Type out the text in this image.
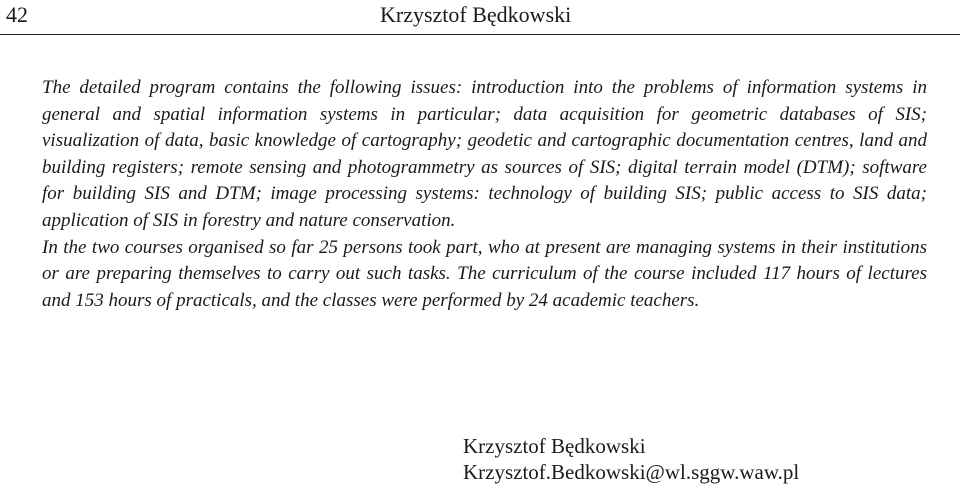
42	Krzysztof Będkowski

The detailed program contains the following issues: introduction into the problems of information systems in general and spatial information systems in particular; data acquisition for geometric databases of SIS; visualization of data, basic knowledge of cartography; geodetic and cartographic documentation centres, land and building registers; remote sensing and photogrammetry as sources of SIS; digital terrain model (DTM); software for building SIS and DTM; image processing systems: technology of building SIS; public access to SIS data; application of SIS in forestry and nature conservation.

In the two courses organised so far 25 persons took part, who at present are managing systems in their institutions or are preparing themselves to carry out such tasks. The curriculum of the course included 117 hours of lectures and 153 hours of practicals, and the classes were performed by 24 academic teachers.

Krzysztof Będkowski
Krzysztof.Bedkowski@wl.sggw.waw.pl
